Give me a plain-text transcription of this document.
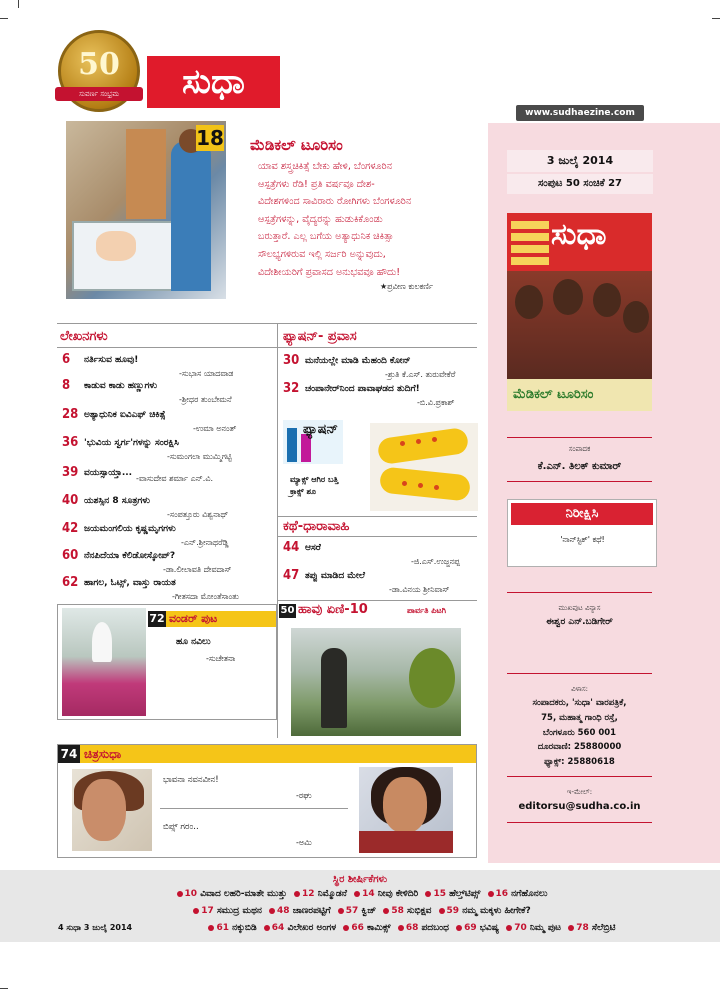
50
ಸುವರ್ಣ ಸಂಭ್ರಮ	ಸುಧಾ
www.sudhaezine.com
3 ಜುಲೈ 2014
ಸಂಪುಟ 50 ಸಂಚಿಕೆ 27
ಸುಧಾ
ಮೆಡಿಕಲ್ ಟೂರಿಸಂ
ಸಂಪಾದಕ
ಕೆ.ಎನ್. ತಿಲಕ್ ಕುಮಾರ್
ನಿರೀಕ್ಷಿಸಿ
'ನಾನ್‌ಸ್ಟಿಕ್' ಕಥೆ!
ಮುಖಪುಟ ವಿನ್ಯಾಸ
ಈಶ್ವರ ಎನ್.ಬಡಿಗೇರ್
ವಿಳಾಸ:
ಸಂಪಾದಕರು, 'ಸುಧಾ' ವಾರಪತ್ರಿಕೆ,
75, ಮಹಾತ್ಮ ಗಾಂಧಿ ರಸ್ತೆ,
ಬೆಂಗಳೂರು 560 001
ದೂರವಾಣಿ: 25880000
ಫ್ಯಾಕ್ಸ್: 25880618
ಇ-ಮೇಲ್:
editorsu@sudha.co.in
18 ಮೆಡಿಕಲ್ ಟೂರಿಸಂ
ಯಾವ ಶಸ್ತ್ರಚಿಕಿತ್ಸೆ ಬೇಕು ಹೇಳಿ, ಬೆಂಗಳೂರಿನ
ಆಸ್ಪತ್ರೆಗಳು ರೆಡಿ! ಪ್ರತಿ ವರ್ಷವೂ ದೇಶ-
ವಿದೇಶಗಳಿಂದ ಸಾವಿರಾರು ರೋಗಿಗಳು ಬೆಂಗಳೂರಿನ
ಆಸ್ಪತ್ರೆಗಳನ್ನು, ವೈದ್ಯರನ್ನು ಹುಡುಕಿಕೊಂಡು
ಬರುತ್ತಾರೆ. ಎಲ್ಲ ಬಗೆಯ ಅತ್ಯಾಧುನಿಕ ಚಿಕಿತ್ಸಾ
ಸೌಲಭ್ಯಗಳಿರುವ ಇಲ್ಲಿ ಸರ್ಜರಿ ಅನ್ನುವುದು,
ವಿದೇಶೀಯರಿಗೆ ಪ್ರವಾಸದ ಅನುಭವವೂ ಹೌದು!
★ಪ್ರವೀಣ ಕುಲಕರ್ಣಿ
ಲೇಖನಗಳು
6 ನರ್ತಿಸುವ ಹೂವು!
-ಸುಭಾಸ ಯಾದವಾಡ
8 ಕಾಡುವ ಕಾಡು ಹಣ್ಣುಗಳು
-ಶ್ರೀಧರ ತುಂಬೇಮನೆ
28 ಅತ್ಯಾಧುನಿಕ ಐವಿಎಫ್ ಚಿಕಿತ್ಸೆ
-ಉಮಾ ಅನಂತ್
36 'ಭುವಿಯ ಸ್ವರ್ಗ'ಗಳನ್ನು ಸಂರಕ್ಷಿಸಿ
-ಸುಮಂಗಲಾ ಮುಮ್ಮಿಗಟ್ಟಿ
39 ವಯಸ್ಸಾಯ್ತಾ...
-ವಾಸುದೇವ ಶರ್ಮಾ ಎನ್.ವಿ.
40 ಯಶಸ್ಸಿನ 8 ಸೂತ್ರಗಳು
-ಸಂಪತ್ತೂರು ವಿಶ್ವನಾಥ್
42 ಜಯಮಂಗಲಿಯ ಕೃಷ್ಣಮೃಗಗಳು
-ಎನ್.ಶ್ರೀನಾಥರೆಡ್ಡಿ
60 ನೆನಪಿದೆಯಾ ಕೆಲಿಡೋಸ್ಕೋಪ್?
-ಡಾ.ಲೀಲಾವತಿ ದೇವದಾಸ್
62 ಹಾಗಲ, ಓಟ್ಸ್, ವಾಸ್ತು ರಾಯತ
-ಗೀತಸದಾ ಮೋಂತೆಸಾಂತು
72 ವಂಡರ್ ಪುಟ
ಹೂ ನವಿಲು
-ಸುಚೇತನಾ
ಫ್ಯಾಷನ್- ಪ್ರವಾಸ
30 ಮನೆಯಲ್ಲೇ ಮಾಡಿ ಮೆಹಂದಿ ಕೋನ್
-ಶ್ರುತಿ ಕೆ.ಎಸ್. ತುರುವೇಕೆರೆ
32 ಚಂಪಾನೇರ್‌ನಿಂದ ಪಾವಾಘಡದ ತುದಿಗೆ!
-ಬಿ.ವಿ.ಪ್ರಕಾಶ್
ಫ್ಯಾಷನ್
ಮ್ಯಾಕ್ಸ್ ಆಗಿರ ಬತ್ತಿ
ಕ್ರಾಕ್ಸ್ ಶೂ
ಕಥೆ-ಧಾರಾವಾಹಿ
44 ಆಸರೆ
-ಜಿ.ಎಸ್.ಉಜ್ಜನಪ್ಪ
47 ತಪ್ಪು ಮಾಡಿದ ಮೇಲೆ
-ಡಾ.ವಿನಯ ಶ್ರೀನಿವಾಸ್
50 ಹಾವು ಏಣಿ-10	ಪಾರ್ವತಿ ಪಿಟಗಿ
74 ಚಿತ್ರಸುಧಾ
ಭಾವನಾ ನವನವೀನ!
-ರಘು
ಬಿಪ್ಸ್ ಗರಂ..
-ಅಮಿ
ಸ್ಥಿರ ಶೀರ್ಷಿಕೆಗಳು
10 ವಿವಾದ ಲಹರಿ-ಮಾತೇ ಮುತ್ತು 12 ನಿಮ್ಮೊಡನೆ 14 ನೀವು ಕೇಳಿದಿರಿ 15 ಹೆಲ್ತ್‌ಟಿಪ್ಸ್ 16 ನಗೆಹೊನಲು
17 ಸಮುದ್ರ ಮಥನ 48 ಜಾಣರಪಟ್ಟಿಗೆ 57 ಕ್ವಿಜ್ 58 ಸುಭಿಕ್ಷವ 59 ನಮ್ಮ ಮಕ್ಕಳು ಹೀಗೇಕೆ?
61 ನಕ್ಕುಬಿಡಿ 64 ವಿಲೇಖರ ಅಂಗಳ 66 ಕಾಮಿಕ್ಸ್ 68 ಪದಬಂಧ 69 ಭವಿಷ್ಯ 70 ನಿಮ್ಮ ಪುಟ 78 ಸೆಲೆಬ್ರಿಟಿ
4 ಸುಧಾ 3 ಜುಲೈ 2014
